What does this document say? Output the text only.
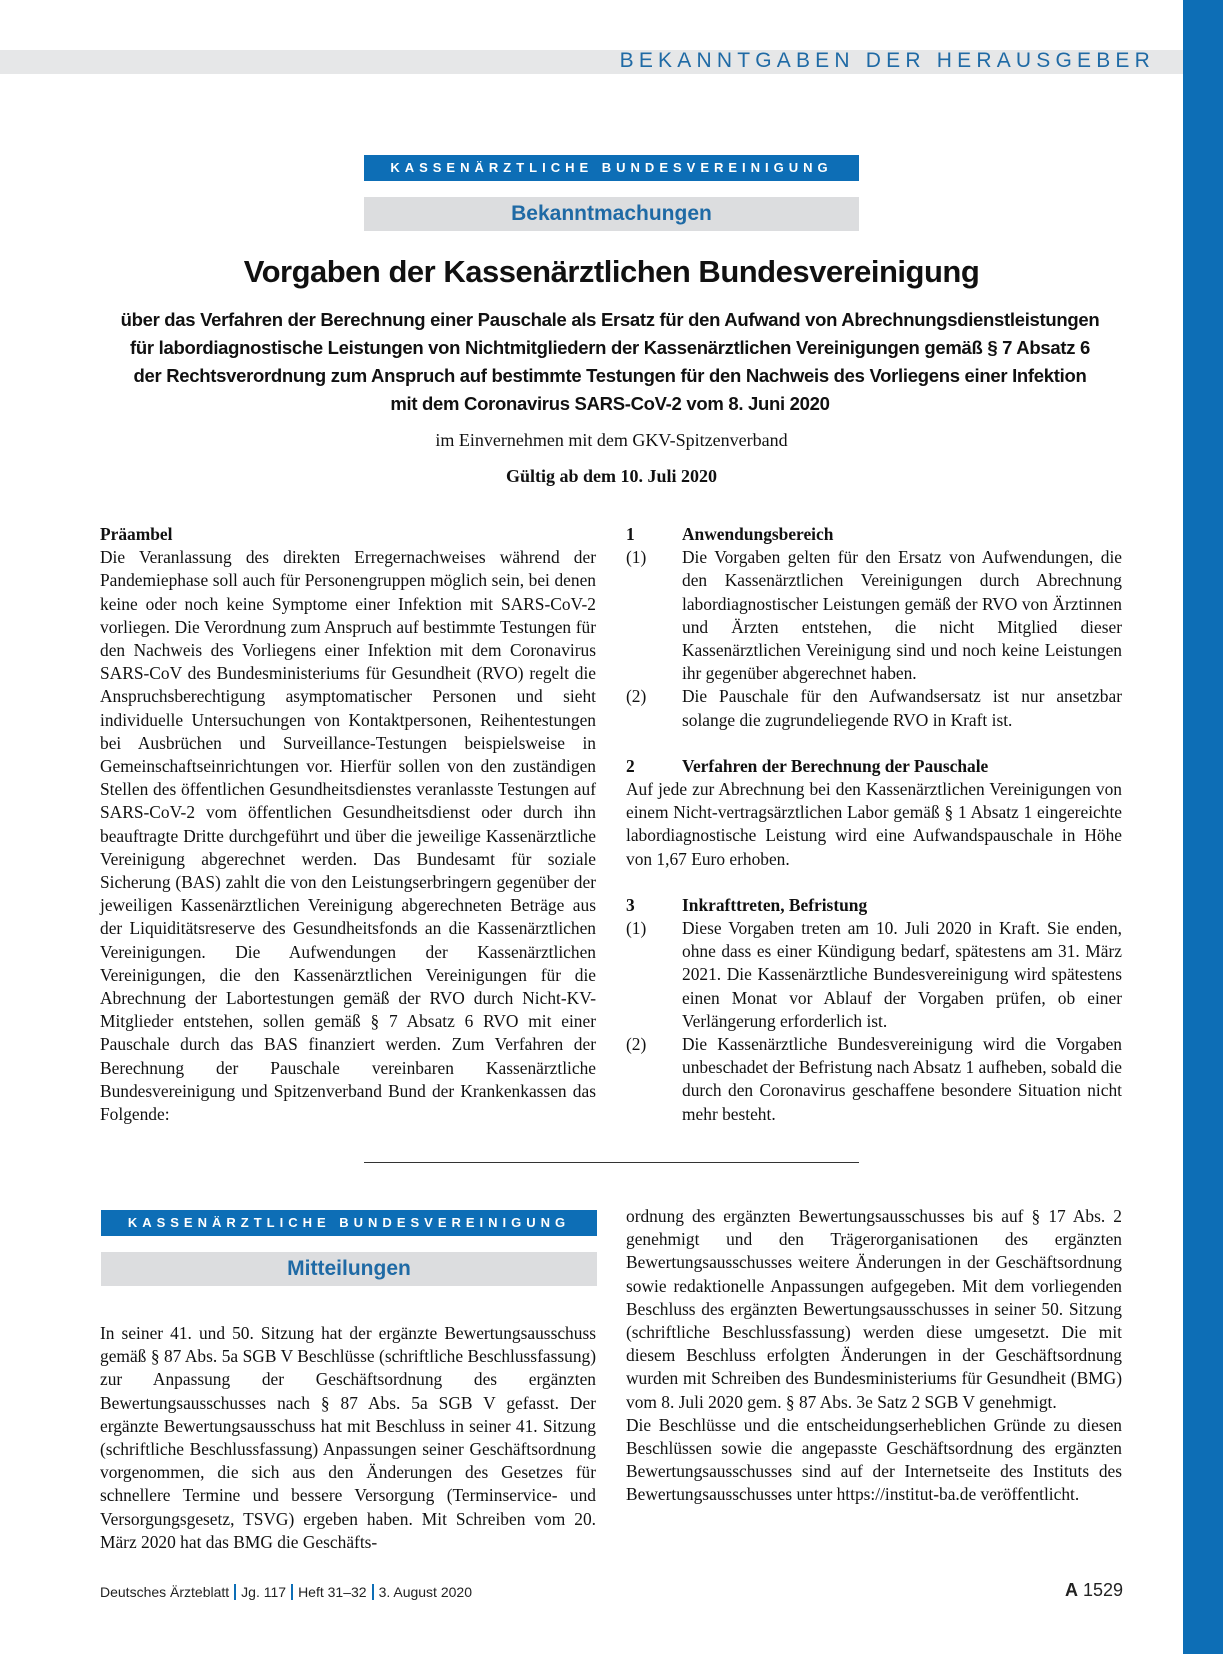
BEKANNTGABEN DER HERAUSGEBER
KASSENÄRZTLICHE BUNDESVEREINIGUNG
Bekanntmachungen
Vorgaben der Kassenärztlichen Bundesvereinigung
über das Verfahren der Berechnung einer Pauschale als Ersatz für den Aufwand von Abrechnungsdienstleistungen
für labordiagnostische Leistungen von Nichtmitgliedern der Kassenärztlichen Vereinigungen gemäß § 7 Absatz 6
der Rechtsverordnung zum Anspruch auf bestimmte Testungen für den Nachweis des Vorliegens einer Infektion
mit dem Coronavirus SARS-CoV-2 vom 8. Juni 2020
im Einvernehmen mit dem GKV-Spitzenverband
Gültig ab dem 10. Juli 2020

Präambel

Die Veranlassung des direkten Erregernachweises während der Pandemiephase soll auch für Personengruppen möglich sein, bei denen keine oder noch keine Symptome einer Infektion mit SARS-CoV-2 vorliegen. Die Verordnung zum Anspruch auf bestimmte Testungen für den Nachweis des Vorliegens einer Infektion mit dem Coronavirus SARS-CoV des Bundesministeriums für Gesundheit (RVO) regelt die Anspruchsberechtigung asymptomatischer Personen und sieht individuelle Untersuchungen von Kontaktpersonen, Reihentestungen bei Ausbrüchen und Surveillance-Testungen beispielsweise in Gemeinschaftseinrichtungen vor. Hierfür sollen von den zuständigen Stellen des öffentlichen Gesundheitsdienstes veranlasste Testungen auf SARS-CoV-2 vom öffentlichen Gesundheitsdienst oder durch ihn beauftragte Dritte durchgeführt und über die jeweilige Kassenärztliche Vereinigung abgerechnet werden. Das Bundesamt für soziale Sicherung (BAS) zahlt die von den Leistungserbringern gegenüber der jeweiligen Kassenärztlichen Vereinigung abgerechneten Beträge aus der Liquiditätsreserve des Gesundheitsfonds an die Kassenärztlichen Vereinigungen. Die Aufwendungen der Kassenärztlichen Vereinigungen, die den Kassenärztlichen Vereinigungen für die Abrechnung der Labortestungen gemäß der RVO durch Nicht-KV-Mitglieder entstehen, sollen gemäß § 7 Absatz 6 RVO mit einer Pauschale durch das BAS finanziert werden. Zum Verfahren der Berechnung der Pauschale vereinbaren Kassenärztliche Bundesvereinigung und Spitzenverband Bund der Krankenkassen das Folgende:

1	Anwendungsbereich
(1)	Die Vorgaben gelten für den Ersatz von Aufwendungen, die den Kassenärztlichen Vereinigungen durch Abrechnung labordiagnostischer Leistungen gemäß der RVO von Ärztinnen und Ärzten entstehen, die nicht Mitglied dieser Kassenärztlichen Vereinigung sind und noch keine Leistungen ihr gegenüber abgerechnet haben.
(2)	Die Pauschale für den Aufwandsersatz ist nur ansetzbar solange die zugrundeliegende RVO in Kraft ist.
2	Verfahren der Berechnung der Pauschale

Auf jede zur Abrechnung bei den Kassenärztlichen Vereinigungen von einem Nicht-vertragsärztlichen Labor gemäß § 1 Absatz 1 eingereichte labordiagnostische Leistung wird eine Aufwandspauschale in Höhe von 1,67 Euro erhoben.

3	Inkrafttreten, Befristung
(1)	Diese Vorgaben treten am 10. Juli 2020 in Kraft. Sie enden, ohne dass es einer Kündigung bedarf, spätestens am 31. März 2021. Die Kassenärztliche Bundesvereinigung wird spätestens einen Monat vor Ablauf der Vorgaben prüfen, ob einer Verlängerung erforderlich ist.
(2)	Die Kassenärztliche Bundesvereinigung wird die Vorgaben unbeschadet der Befristung nach Absatz 1 aufheben, sobald die durch den Coronavirus geschaffene besondere Situation nicht mehr besteht.
KASSENÄRZTLICHE BUNDESVEREINIGUNG
Mitteilungen

In seiner 41. und 50. Sitzung hat der ergänzte Bewertungsausschuss gemäß § 87 Abs. 5a SGB V Beschlüsse (schriftliche Beschlussfassung) zur Anpassung der Geschäftsordnung des ergänzten Bewertungsausschusses nach § 87 Abs. 5a SGB V gefasst. Der ergänzte Bewertungsausschuss hat mit Beschluss in seiner 41. Sitzung (schriftliche Beschlussfassung) Anpassungen seiner Geschäftsordnung vorgenommen, die sich aus den Änderungen des Gesetzes für schnellere Termine und bessere Versorgung (Terminservice- und Versorgungsgesetz, TSVG) ergeben haben. Mit Schreiben vom 20. März 2020 hat das BMG die Geschäfts-

ordnung des ergänzten Bewertungsausschusses bis auf § 17 Abs. 2 genehmigt und den Trägerorganisationen des ergänzten Bewertungsausschusses weitere Änderungen in der Geschäftsordnung sowie redaktionelle Anpassungen aufgegeben. Mit dem vorliegenden Beschluss des ergänzten Bewertungsausschusses in seiner 50. Sitzung (schriftliche Beschlussfassung) werden diese umgesetzt. Die mit diesem Beschluss erfolgten Änderungen in der Geschäftsordnung wurden mit Schreiben des Bundesministeriums für Gesundheit (BMG) vom 8. Juli 2020 gem. § 87 Abs. 3e Satz 2 SGB V genehmigt.

Die Beschlüsse und die entscheidungserheblichen Gründe zu diesen Beschlüssen sowie die angepasste Geschäftsordnung des ergänzten Bewertungsausschusses sind auf der Internetseite des Instituts des Bewertungsausschusses unter https://institut-ba.de veröffentlicht.

Deutsches Ärzteblatt Jg. 117 Heft 31–32 3. August 2020	A 1529
